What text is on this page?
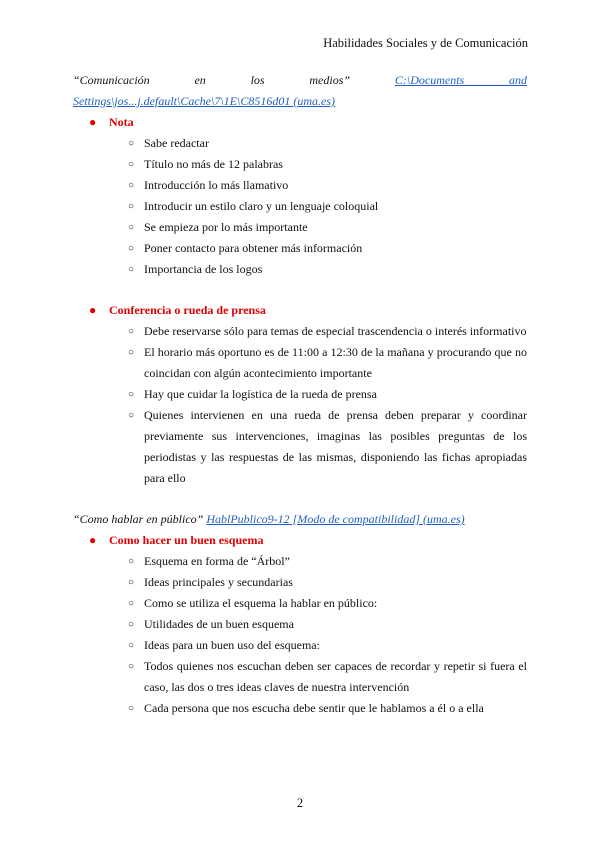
Habilidades Sociales y de Comunicación
“Comunicación en los medios”	C:\Documents and Settings\jos...j.default\Cache\7\1E\C8516d01 (uma.es)
● Nota
○ Sabe redactar
○ Título no más de 12 palabras
○ Introducción lo más llamativo
○ Introducir un estilo claro y un lenguaje coloquial
○ Se empieza por lo más importante
○ Poner contacto para obtener más información
○ Importancia de los logos
● Conferencia o rueda de prensa
○ Debe reservarse sólo para temas de especial trascendencia o interés informativo
○ El horario más oportuno es de 11:00 a 12:30 de la mañana y procurando que no coincidan con algún acontecimiento importante
○ Hay que cuidar la logística de la rueda de prensa
○ Quienes intervienen en una rueda de prensa deben preparar y coordinar previamente sus intervenciones, imaginas las posibles preguntas de los periodistas y las respuestas de las mismas, disponiendo las fichas apropiadas para ello
“Como hablar en público” HablPublico9-12 [Modo de compatibilidad] (uma.es)
● Como hacer un buen esquema
○ Esquema en forma de “Árbol”
○ Ideas principales y secundarias
○ Como se utiliza el esquema la hablar en público:
○ Utilidades de un buen esquema
○ Ideas para un buen uso del esquema:
○ Todos quienes nos escuchan deben ser capaces de recordar y repetir si fuera el caso, las dos o tres ideas claves de nuestra intervención
○ Cada persona que nos escucha debe sentir que le hablamos a él o a ella
2
